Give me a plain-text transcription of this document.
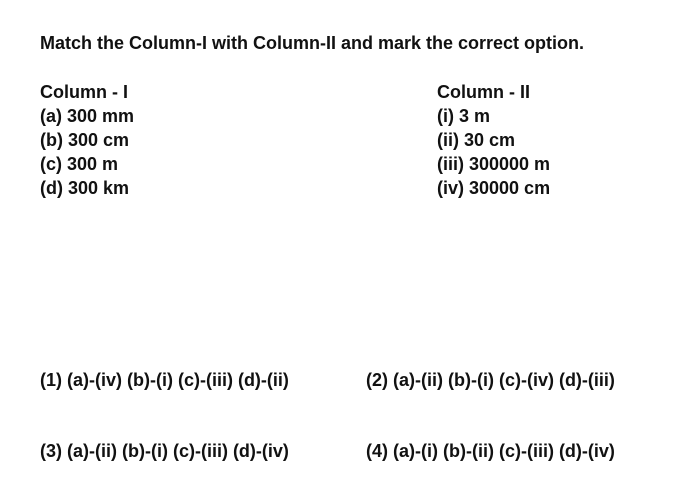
Match the Column-I with Column-II and mark the correct option.
Column - I
(a) 300 mm
(b) 300 cm
(c) 300 m
(d) 300 km
Column - II
(i) 3 m
(ii) 30 cm
(iii) 300000 m
(iv) 30000 cm
(1) (a)-(iv) (b)-(i) (c)-(iii) (d)-(ii)	(2) (a)-(ii) (b)-(i) (c)-(iv) (d)-(iii)
(3) (a)-(ii) (b)-(i) (c)-(iii) (d)-(iv)	(4) (a)-(i) (b)-(ii) (c)-(iii) (d)-(iv)
